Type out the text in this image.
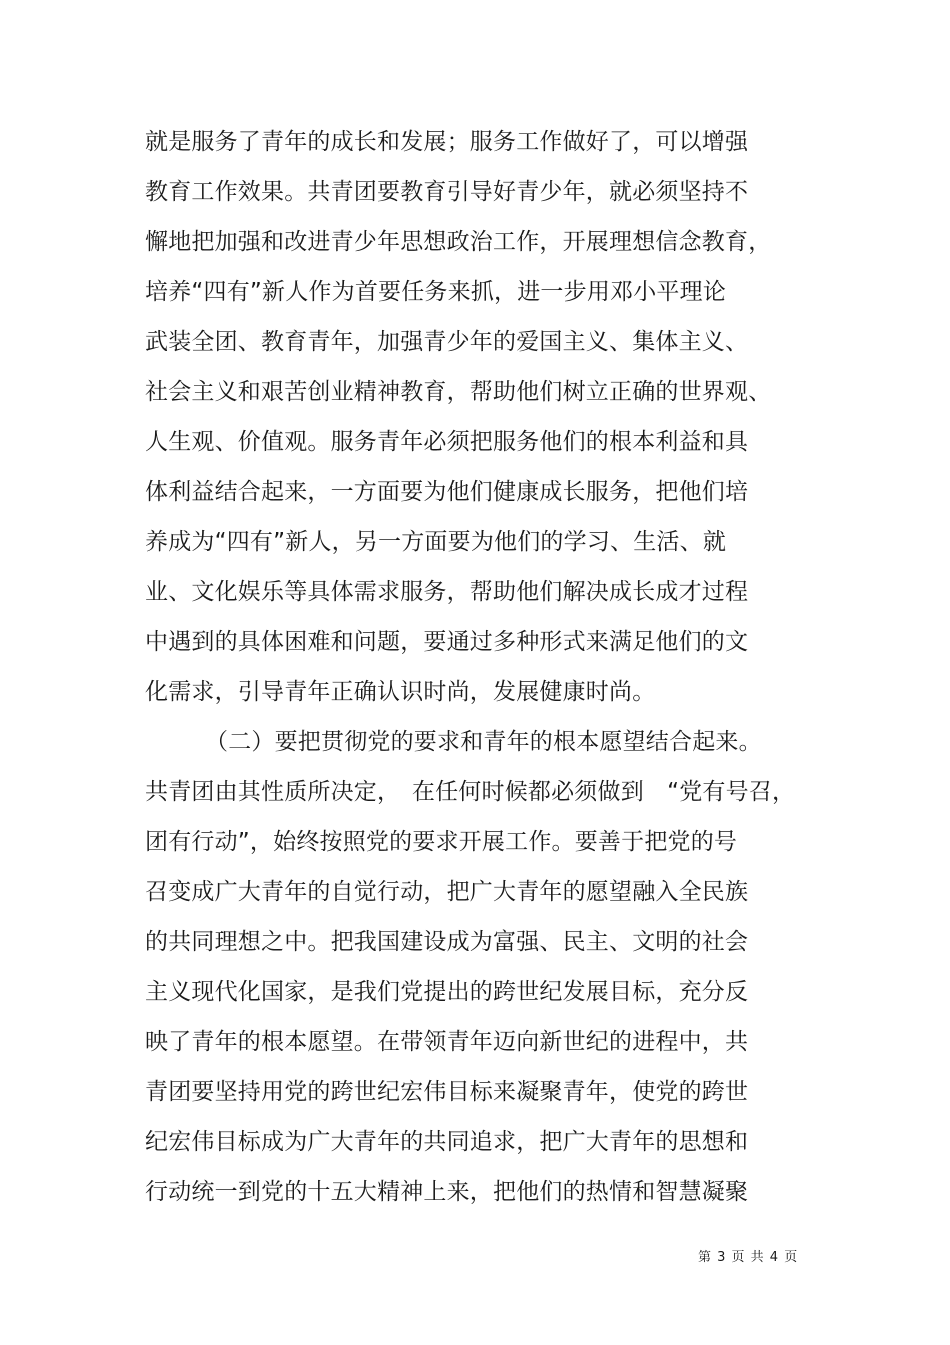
就是服务了青年的成长和发展；服务工作做好了，可以增强
教育工作效果。共青团要教育引导好青少年，就必须坚持不
懈地把加强和改进青少年思想政治工作，开展理想信念教育，
培养“四有”新人作为首要任务来抓，进一步用邓小平理论
武装全团、教育青年，加强青少年的爱国主义、集体主义、
社会主义和艰苦创业精神教育，帮助他们树立正确的世界观、
人生观、价值观。服务青年必须把服务他们的根本利益和具
体利益结合起来，一方面要为他们健康成长服务，把他们培
养成为“四有”新人，另一方面要为他们的学习、生活、就
业、文化娱乐等具体需求服务，帮助他们解决成长成才过程
中遇到的具体困难和问题，要通过多种形式来满足他们的文
化需求，引导青年正确认识时尚，发展健康时尚。
（二）要把贯彻党的要求和青年的根本愿望结合起来。
共青团由其性质所决定，　在任何时候都必须做到　“党有号召，
团有行动”，始终按照党的要求开展工作。要善于把党的号
召变成广大青年的自觉行动，把广大青年的愿望融入全民族
的共同理想之中。把我国建设成为富强、民主、文明的社会
主义现代化国家，是我们党提出的跨世纪发展目标，充分反
映了青年的根本愿望。在带领青年迈向新世纪的进程中，共
青团要坚持用党的跨世纪宏伟目标来凝聚青年，使党的跨世
纪宏伟目标成为广大青年的共同追求，把广大青年的思想和
行动统一到党的十五大精神上来，把他们的热情和智慧凝聚
第 3 页 共 4 页
